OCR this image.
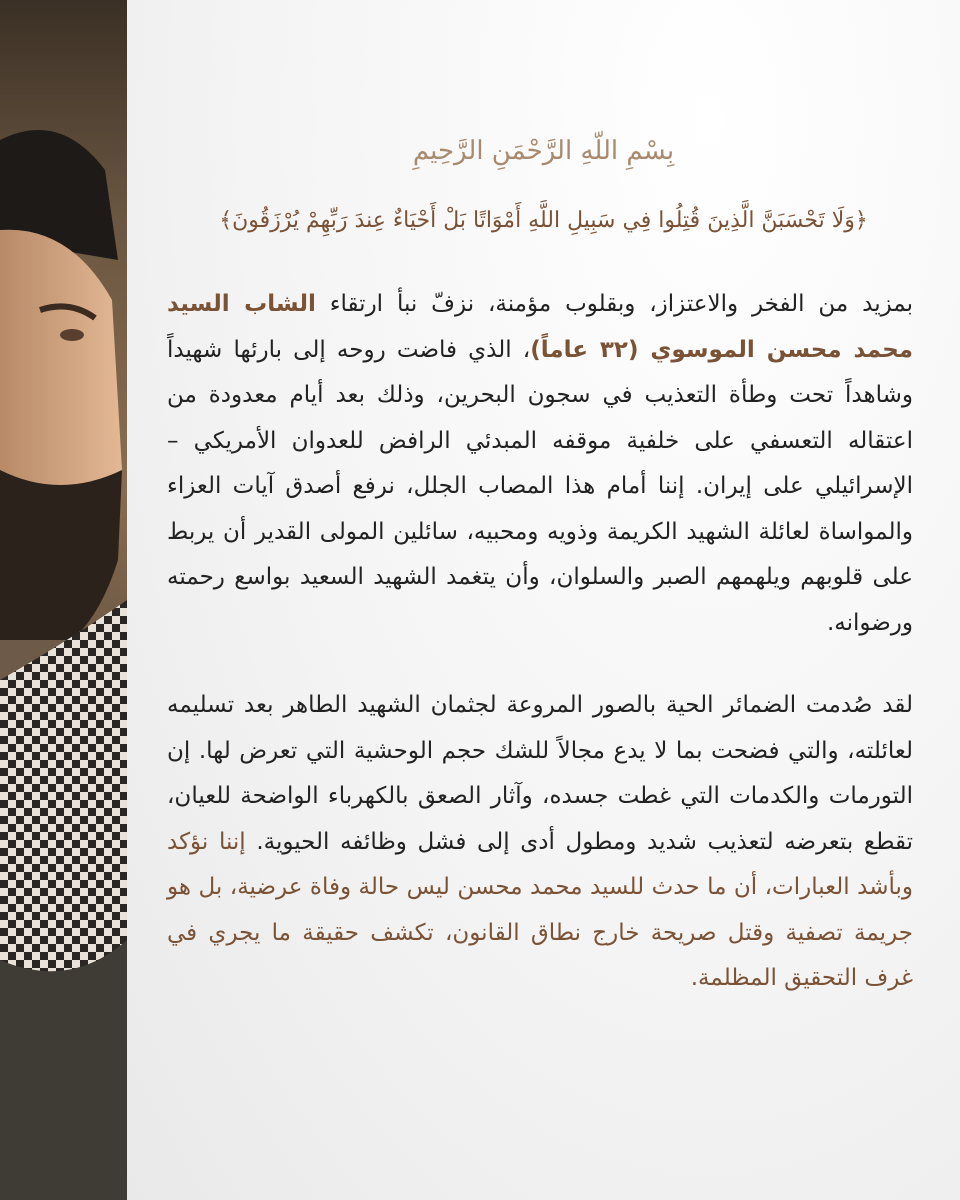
بِسْمِ اللّهِ الرَّحْمَنِ الرَّحِيمِ
﴿وَلَا تَحْسَبَنَّ الَّذِينَ قُتِلُوا فِي سَبِيلِ اللَّهِ أَمْوَاتًا بَلْ أَحْيَاءٌ عِندَ رَبِّهِمْ يُرْزَقُونَ﴾
بمزيد من الفخر والاعتزاز، وبقلوب مؤمنة، نزفّ نبأ ارتقاء الشاب السيد محمد محسن الموسوي (٣٢ عاماً)، الذي فاضت روحه إلى بارئها شهيداً وشاهداً تحت وطأة التعذيب في سجون البحرين، وذلك بعد أيام معدودة من اعتقاله التعسفي على خلفية موقفه المبدئي الرافض للعدوان الأمريكي – الإسرائيلي على إيران. إننا أمام هذا المصاب الجلل، نرفع أصدق آيات العزاء والمواساة لعائلة الشهيد الكريمة وذويه ومحبيه، سائلين المولى القدير أن يربط على قلوبهم ويلهمهم الصبر والسلوان، وأن يتغمد الشهيد السعيد بواسع رحمته ورضوانه.
لقد صُدمت الضمائر الحية بالصور المروعة لجثمان الشهيد الطاهر بعد تسليمه لعائلته، والتي فضحت بما لا يدع مجالاً للشك حجم الوحشية التي تعرض لها. إن التورمات والكدمات التي غطت جسده، وآثار الصعق بالكهرباء الواضحة للعيان، تقطع بتعرضه لتعذيب شديد ومطول أدى إلى فشل وظائفه الحيوية. إننا نؤكد وبأشد العبارات، أن ما حدث للسيد محمد محسن ليس حالة وفاة عرضية، بل هو جريمة تصفية وقتل صريحة خارج نطاق القانون، تكشف حقيقة ما يجري في غرف التحقيق المظلمة.
